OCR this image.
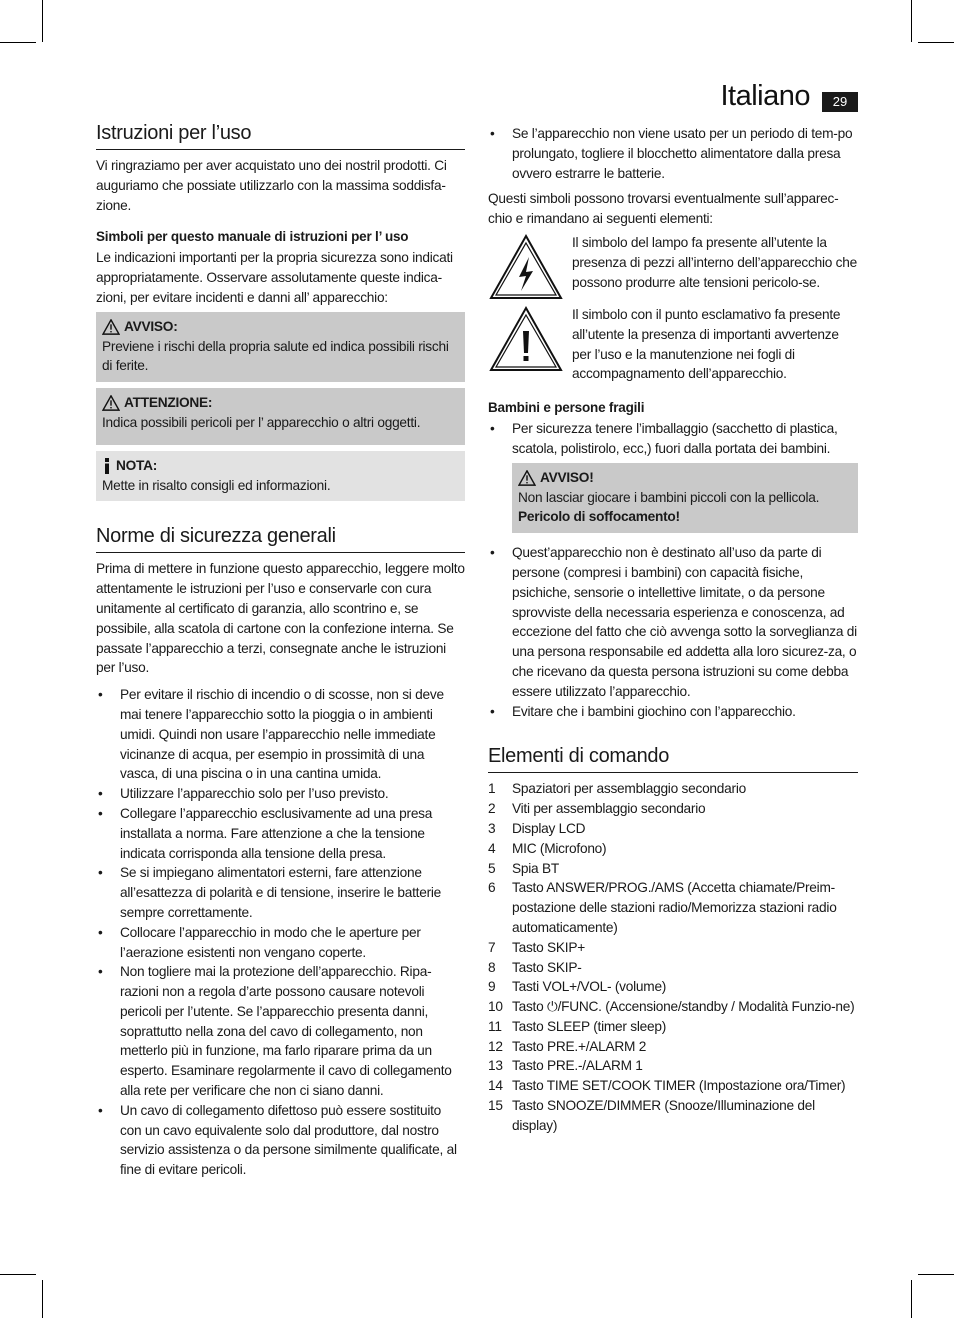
Italiano	29
Istruzioni per l’uso

Vi ringraziamo per aver acquistato uno dei nostril prodotti. Ci auguriamo che possiate utilizzarlo con la massima soddisfa-zione.

Simboli per questo manuale di istruzioni per l’ uso

Le indicazioni importanti per la propria sicurezza sono indicati appropriatamente. Osservare assolutamente queste indica-zioni, per evitare incidenti e danni all’ apparecchio:

AVVISO:
Previene i rischi della propria salute ed indica possibili rischi di ferite.
ATTENZIONE:
Indica possibili pericoli per l’ apparecchio o altri oggetti.
NOTA:
Mette in risalto consigli ed informazioni.
Norme di sicurezza generali

Prima di mettere in funzione questo apparecchio, leggere molto attentamente le istruzioni per l’uso e conservarle con cura unitamente al certificato di garanzia, allo scontrino e, se possibile, alla scatola di cartone con la confezione interna. Se passate l’apparecchio a terzi, consegnate anche le istruzioni per l’uso.

• Per evitare il rischio di incendio o di scosse, non si deve mai tenere l’apparecchio sotto la pioggia o in ambienti umidi. Quindi non usare l’apparecchio nelle immediate vicinanze di acqua, per esempio in prossimità di una vasca, di una piscina o in una cantina umida.
• Utilizzare l’apparecchio solo per l’uso previsto.
• Collegare l’apparecchio esclusivamente ad una presa installata a norma. Fare attenzione a che la tensione indicata corrisponda alla tensione della presa.
• Se si impiegano alimentatori esterni, fare attenzione all’esattezza di polarità e di tensione, inserire le batterie sempre correttamente.
• Collocare l’apparecchio in modo che le aperture per l’aerazione esistenti non vengano coperte.
• Non togliere mai la protezione dell’apparecchio. Ripa-razioni non a regola d’arte possono causare notevoli pericoli per l’utente. Se l’apparecchio presenta danni, soprattutto nella zona del cavo di collegamento, non metterlo più in funzione, ma farlo riparare prima da un esperto. Esaminare regolarmente il cavo di collegamento alla rete per verificare che non ci siano danni.
• Un cavo di collegamento difettoso può essere sostituito con un cavo equivalente solo dal produttore, dal nostro servizio assistenza o da persone similmente qualificate, al fine di evitare pericoli.
• Se l’apparecchio non viene usato per un periodo di tem-po prolungato, togliere il blocchetto alimentatore dalla presa ovvero estrarre le batterie.

Questi simboli possono trovarsi eventualmente sull’apparec-chio e rimandano ai seguenti elementi:

Il simbolo del lampo fa presente all’utente la presenza di pezzi all’interno dell’apparecchio che possono produrre alte tensioni pericolo-se.

Il simbolo con il punto esclamativo fa presente all’utente la presenza di importanti avvertenze per l’uso e la manutenzione nei fogli di accompagnamento dell’apparecchio.

Bambini e persone fragili
• Per sicurezza tenere l’imballaggio (sacchetto di plastica, scatola, polistirolo, ecc,) fuori dalla portata dei bambini.
AVVISO!
Non lasciar giocare i bambini piccoli con la pellicola.
Pericolo di soffocamento!
• Quest’apparecchio non è destinato all’uso da parte di persone (compresi i bambini) con capacità fisiche, psichiche, sensorie o intellettive limitate, o da persone sprovviste della necessaria esperienza e conoscenza, ad eccezione del fatto che ciò avvenga sotto la sorveglianza di una persona responsabile ed addetta alla loro sicurez-za, o che ricevano da questa persona istruzioni su come debba essere utilizzato l’apparecchio.
• Evitare che i bambini giochino con l’apparecchio.
Elementi di comando
1	Spaziatori per assemblaggio secondario
2	Viti per assemblaggio secondario
3	Display LCD
4	MIC (Microfono)
5	Spia BT
6	Tasto ANSWER/PROG./AMS (Accetta chiamate/Preim-postazione delle stazioni radio/Memorizza stazioni radio automaticamente)
7	Tasto SKIP+
8	Tasto SKIP-
9	Tasti VOL+/VOL- (volume)
10 Tasto ⏻/FUNC. (Accensione/standby / Modalità Funzio-ne)
11 Tasto SLEEP (timer sleep)
12 Tasto PRE.+/ALARM 2
13 Tasto PRE.-/ALARM 1
14 Tasto TIME SET/COOK TIMER (Impostazione ora/Timer)
15 Tasto SNOOZE/DIMMER (Snooze/Illuminazione del display)
